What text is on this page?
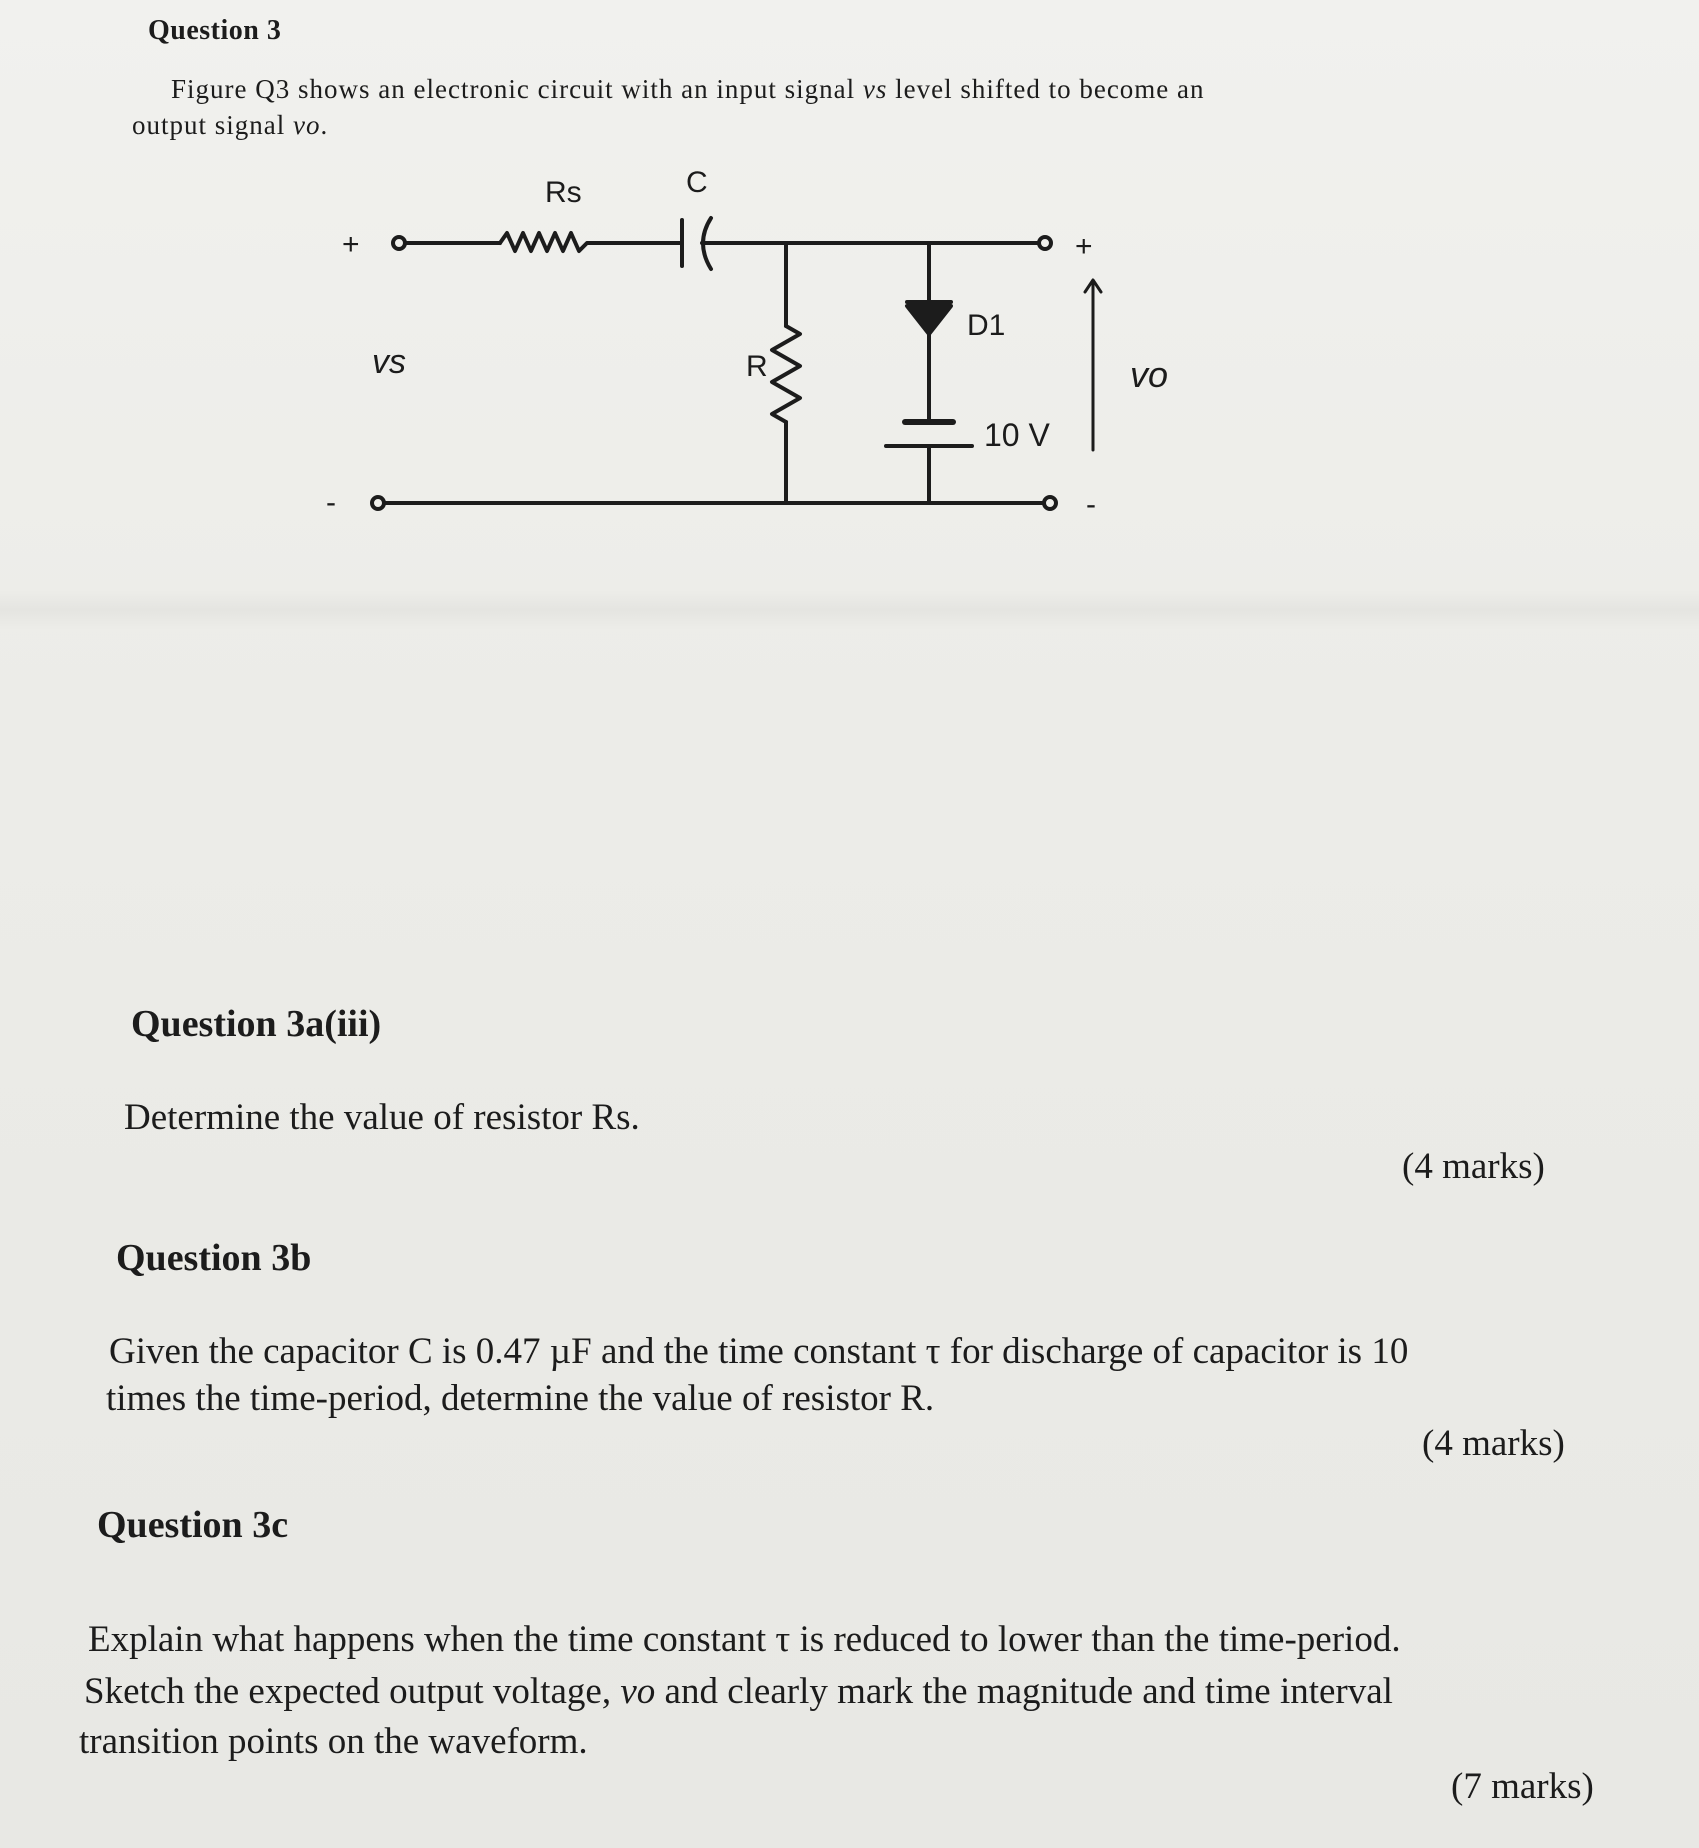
Question 3
Figure Q3 shows an electronic circuit with an input signal vs level shifted to become an
output signal vo.
Rs	C
+
-
vs	R
D1
10 V
+
-
vo
Question 3a(iii)
Determine the value of resistor Rs.
(4 marks)
Question 3b
Given the capacitor C is 0.47 µF and the time constant τ for discharge of capacitor is 10
times the time-period, determine the value of resistor R.
(4 marks)
Question 3c
Explain what happens when the time constant τ is reduced to lower than the time-period.
Sketch the expected output voltage, vo and clearly mark the magnitude and time interval
transition points on the waveform.
(7 marks)
